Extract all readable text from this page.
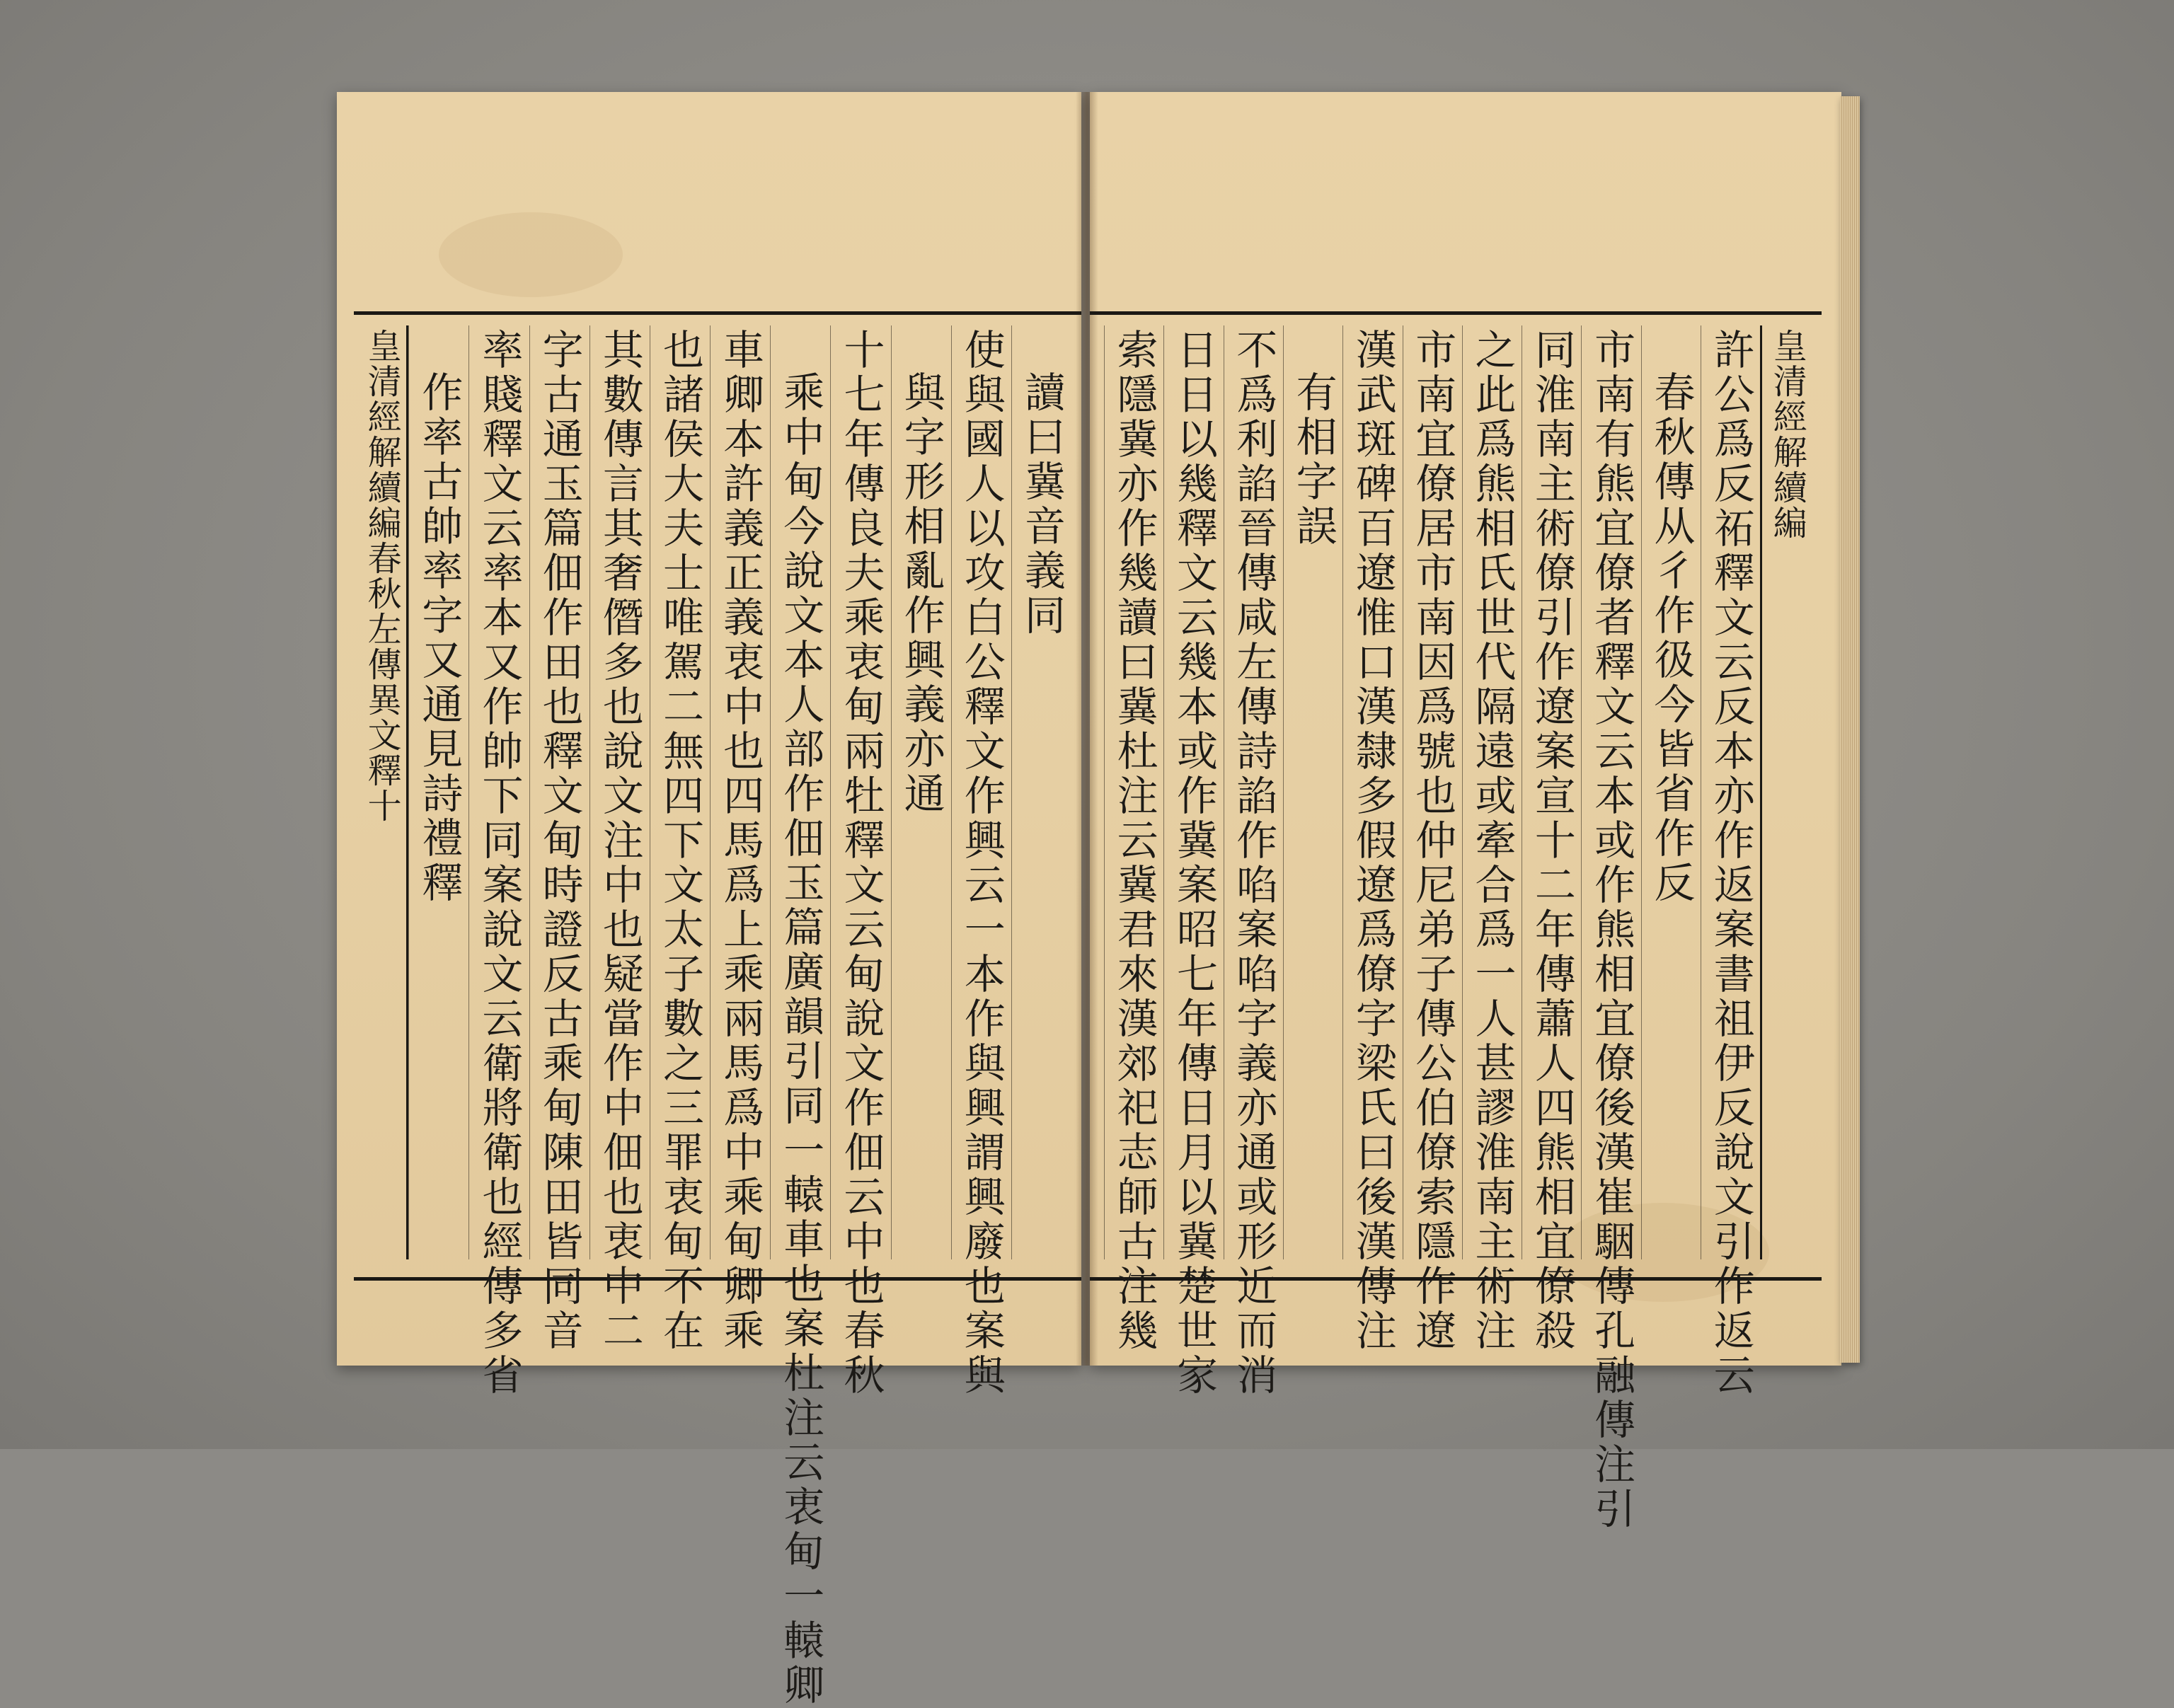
皇清經解續編
許公爲反祏釋文云反本亦作返案書祖伊反說文引作返云
春秋傳从彳作彶今皆省作反
市南有熊宜僚者釋文云本或作熊相宜僚後漢崔駰傳孔融傳注引
同淮南主術僚引作遼案宣十二年傳蕭人四熊相宜僚殺
之此爲熊相氏世代隔遠或牽合爲一人甚謬淮南主術注
市南宜僚居市南因爲號也仲尼弟子傳公伯僚索隱作遼
漢武斑碑百遼惟口漢隸多假遼爲僚字梁氏曰後漢傳注
有相字誤
不爲利諂晉傳咸左傳詩諂作啗案啗字義亦通或形近而消
日日以幾釋文云幾本或作冀案昭七年傳日月以冀楚世家
索隱冀亦作幾讀曰冀杜注云冀君來漢郊祀志師古注幾
讀曰冀音義同
使與國人以攻白公釋文作興云一本作與興謂興廢也案與
與字形相亂作興義亦通
十七年傳良夫乘衷甸兩牡釋文云甸說文作佃云中也春秋
乘中甸今說文本人部作佃玉篇廣韻引同一轅車也案杜注云衷甸一轅卿
車卿本許義正義衷中也四馬爲上乘兩馬爲中乘甸卿乘
也諸侯大夫士唯駕二無四下文太子數之三罪衷甸不在
其數傳言其奢僭多也說文注中也疑當作中佃也衷中二
字古通玉篇佃作田也釋文甸時證反古乘甸陳田皆同音
率賤釋文云率本又作帥下同案說文云衛將衛也經傳多省
作率古帥率字又通見詩禮釋
皇清經解續編春秋左傳異文釋十
